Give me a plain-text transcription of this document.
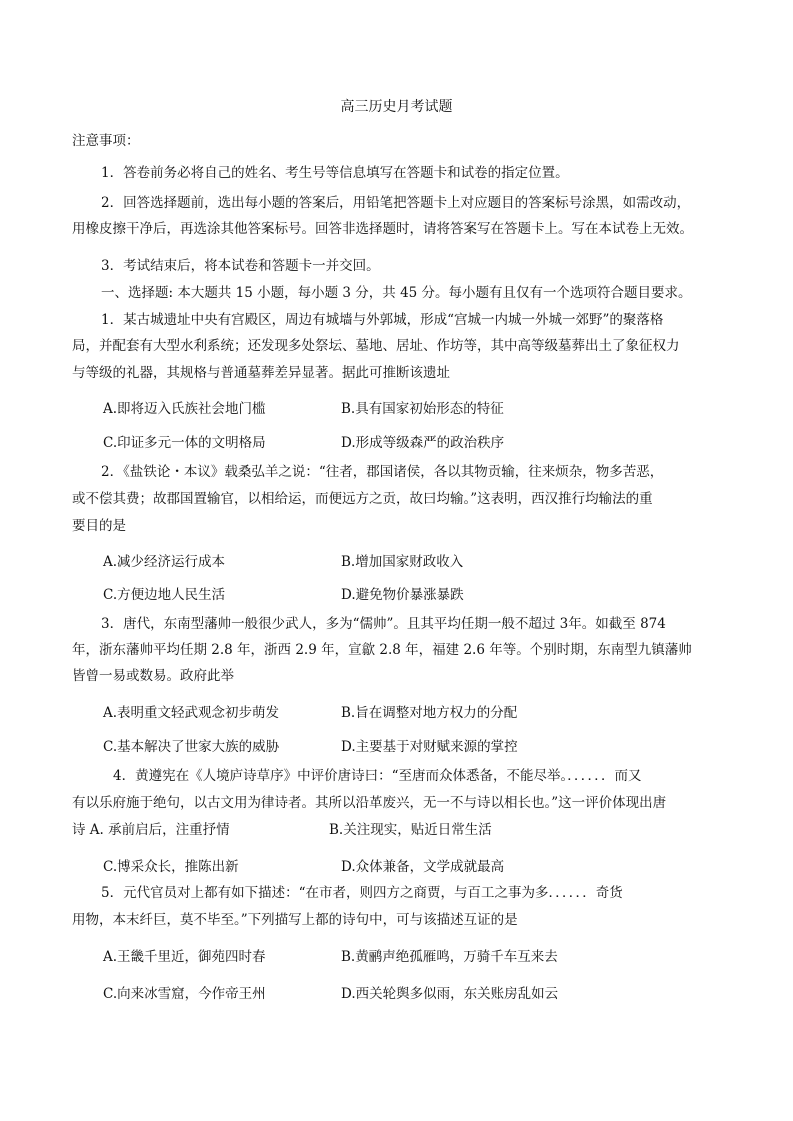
高三历史月考试题
注意事项：
1．答卷前务必将自己的姓名、考生号等信息填写在答题卡和试卷的指定位置。
2．回答选择题前，选出每小题的答案后，用铅笔把答题卡上对应题目的答案标号涂黑，如需改动，
用橡皮擦干净后，再选涂其他答案标号。回答非选择题时，请将答案写在答题卡上。写在本试卷上无效。
3．考试结束后，将本试卷和答题卡一并交回。
一、选择题: 本大题共 15 小题，每小题 3 分，共 45 分。每小题有且仅有一个选项符合题目要求。
1．某古城遗址中央有宫殿区，周边有城墙与外郭城，形成“宫城一内城一外城一郊野”的聚落格
局，并配套有大型水利系统；还发现多处祭坛、墓地、居址、作坊等，其中高等级墓葬出土了象征权力
与等级的礼器，其规格与普通墓葬差异显著。据此可推断该遗址
A.即将迈入氏族社会地门槛	B.具有国家初始形态的特征
C.印证多元一体的文明格局	D.形成等级森严的政治秩序
2．《盐铁论・本议》载桑弘羊之说：“往者，郡国诸侯，各以其物贡输，往来烦杂，物多苦恶，
或不偿其费；故郡国置输官，以相给运，而便远方之贡，故曰均输。”这表明，西汉推行均输法的重
要目的是
A.减少经济运行成本	B.增加国家财政收入
C.方便边地人民生活	D.避免物价暴涨暴跌
3．唐代，东南型藩帅一般很少武人，多为“儒帅”。且其平均任期一般不超过 3年。如截至 874
年，浙东藩帅平均任期 2.8 年，浙西 2.9 年，宣歙 2.8 年，福建 2.6 年等。个别时期，东南型九镇藩帅
皆曾一易或数易。政府此举
A.表明重文轻武观念初步萌发	B.旨在调整对地方权力的分配
C.基本解决了世家大族的威胁	D.主要基于对财赋来源的掌控
4．黄遵宪在《人境庐诗草序》中评价唐诗曰：“至唐而众体悉备，不能尽举。．．．．．．而又
有以乐府施于绝句，以古文用为律诗者。其所以沿革废兴，无一不与诗以相长也。”这一评价体现出唐
诗 A. 承前启后，注重抒情	B.关注现实，贴近日常生活
C.博采众长，推陈出新	D.众体兼备，文学成就最高
5．元代官员对上都有如下描述：“在市者，则四方之商贾，与百工之事为多．．．．．．奇货
用物，本末纤巨，莫不毕至。”下列描写上都的诗句中，可与该描述互证的是
A.王畿千里近，御苑四时春	B.黄鹂声绝孤雁鸣，万骑千车互来去
C.向来冰雪窟，今作帝王州	D.西关轮舆多似雨，东关账房乱如云
